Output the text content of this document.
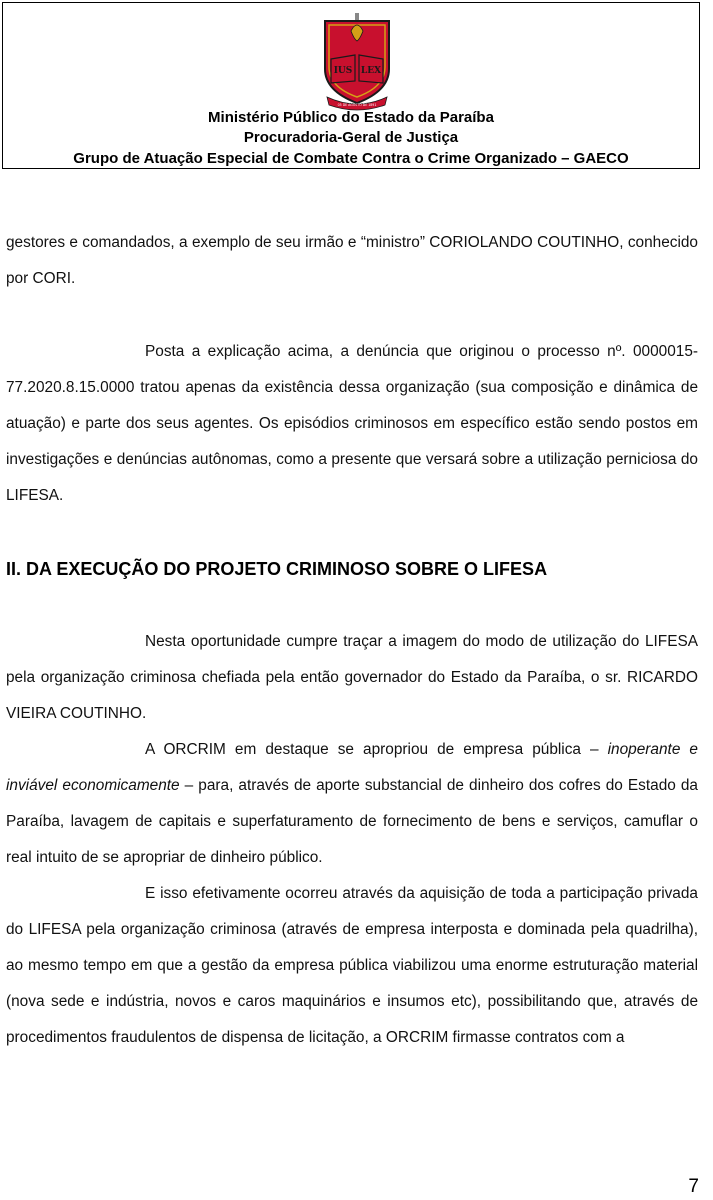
IUS LEX
05 DE AGOSTO DE 1891
Ministério Público do Estado da Paraíba
Procuradoria-Geral de Justiça
Grupo de Atuação Especial de Combate Contra o Crime Organizado – GAECO

gestores e comandados, a exemplo de seu irmão e “ministro” CORIOLANDO COUTINHO, conhecido por CORI.

Posta a explicação acima, a denúncia que originou o processo nº. 0000015-77.2020.8.15.0000 tratou apenas da existência dessa organização (sua composição e dinâmica de atuação) e parte dos seus agentes. Os episódios criminosos em específico estão sendo postos em investigações e denúncias autônomas, como a presente que versará sobre a utilização perniciosa do LIFESA.

II. DA EXECUÇÃO DO PROJETO CRIMINOSO SOBRE O LIFESA

Nesta oportunidade cumpre traçar a imagem do modo de utilização do LIFESA pela organização criminosa chefiada pela então governador do Estado da Paraíba, o sr. RICARDO VIEIRA COUTINHO.

A ORCRIM em destaque se apropriou de empresa pública – inoperante e inviável economicamente – para, através de aporte substancial de dinheiro dos cofres do Estado da Paraíba, lavagem de capitais e superfaturamento de fornecimento de bens e serviços, camuflar o real intuito de se apropriar de dinheiro público.

E isso efetivamente ocorreu através da aquisição de toda a participação privada do LIFESA pela organização criminosa (através de empresa interposta e dominada pela quadrilha), ao mesmo tempo em que a gestão da empresa pública viabilizou uma enorme estruturação material (nova sede e indústria, novos e caros maquinários e insumos etc), possibilitando que, através de procedimentos fraudulentos de dispensa de licitação, a ORCRIM firmasse contratos com a

7
